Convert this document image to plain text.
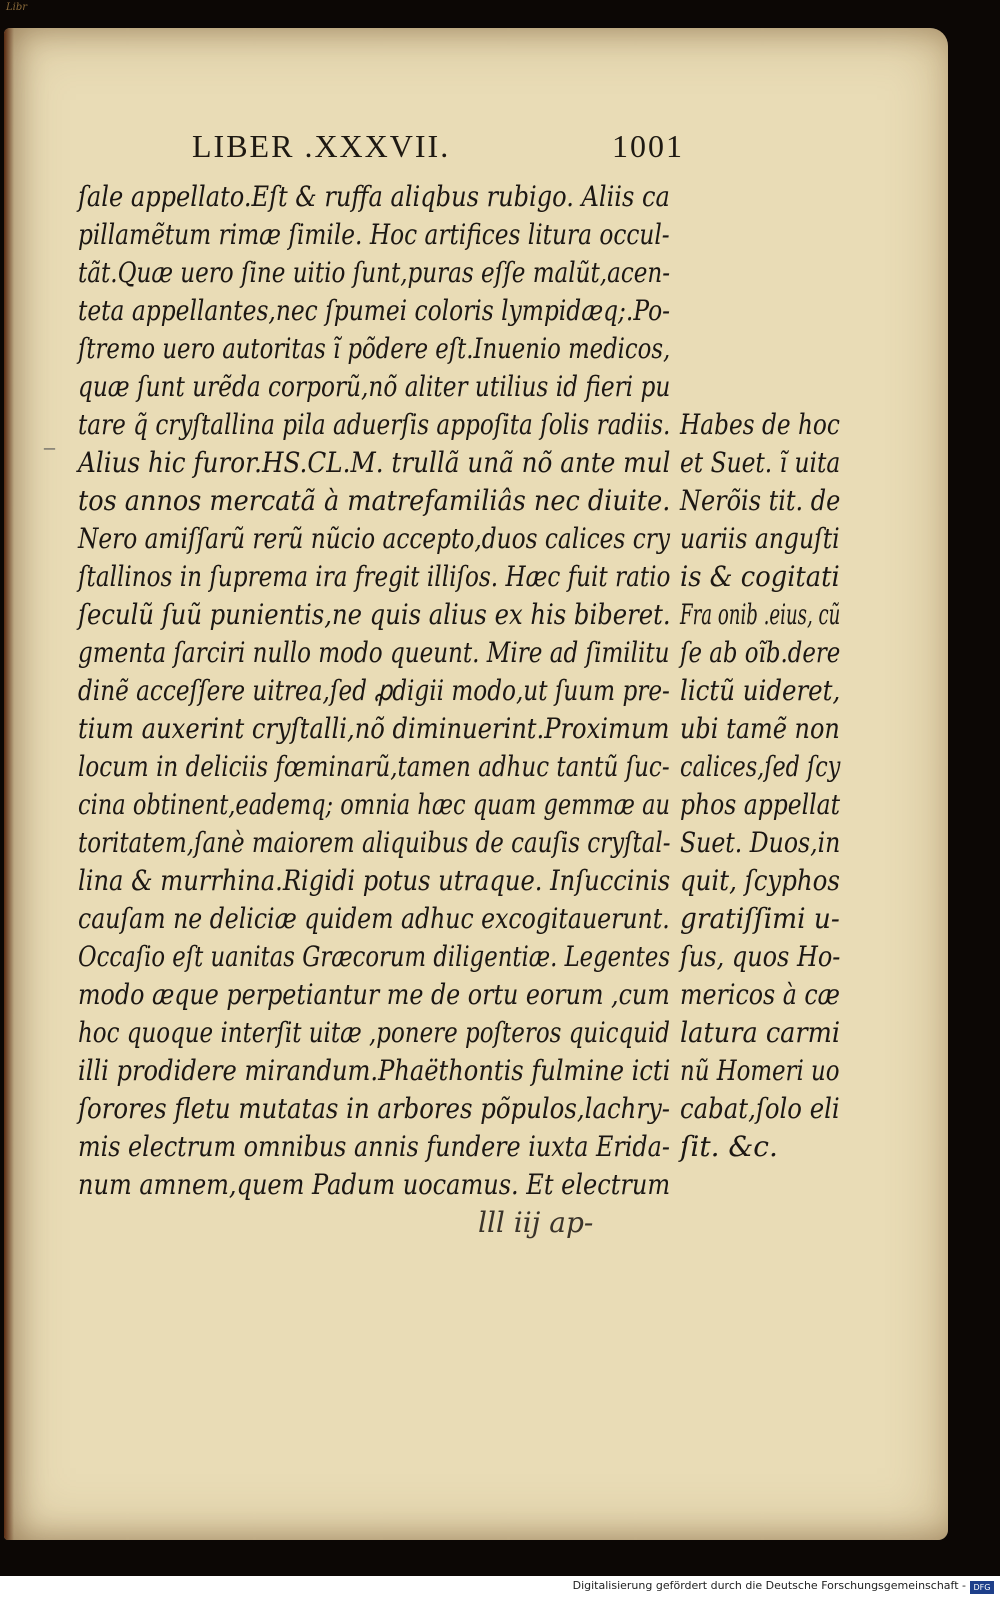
Libr
LIBER .XXXVII.	1001
–
ſale appellato.Eſt & ruffa aliqbus rubigo. Aliis ca
pillamẽtum rimæ ſimile. Hoc artifices litura occul-
tãt.Quæ uero ſine uitio ſunt,puras eſſe malũt,acen-
teta appellantes,nec ſpumei coloris lympidæq;.Po-
ſtremo uero autoritas ĩ põdere eſt.Inuenio medicos,
quæ ſunt urẽda corporũ,nõ aliter utilius id fieri pu
tare q̃ cryſtallina pila aduerſis appoſita ſolis radiis.
Alius hic furor.HS.CL.M. trullã unã nõ ante mul
tos annos mercatã à matrefamiliâs nec diuite.
Nero amiſſarũ rerũ nũcio accepto,duos calices cry
ſtallinos in ſuprema ira fregit illiſos. Hæc fuit ratio
ſeculũ ſuũ punientis,ne quis alius ex his biberet.
gmenta ſarciri nullo modo queunt. Mire ad ſimilitu
dinẽ acceſſere uitrea,ſed ꝓdigii modo,ut ſuum pre-
tium auxerint cryſtalli,nõ diminuerint.Proximum
locum in deliciis fœminarũ,tamen adhuc tantũ ſuc-
cina obtinent,eademq; omnia hæc quam gemmæ au
toritatem,ſanè maiorem aliquibus de cauſis cryſtal-
lina & murrhina.Rigidi potus utraque. Inſuccinis
cauſam ne deliciæ quidem adhuc excogitauerunt.
Occaſio eſt uanitas Græcorum diligentiæ. Legentes
modo æque perpetiantur me de ortu eorum ,cum
hoc quoque interſit uitæ ,ponere poſteros quicquid
illi prodidere mirandum.Phaëthontis fulmine icti
ſorores fletu mutatas in arbores põpulos,lachry-
mis electrum omnibus annis fundere iuxta Erida-
num amnem,quem Padum uocamus. Et electrum
Habes de hoc
et Suet. ĩ uita
Nerõis tit. de
uariis anguſti
is & cogitati
Fra onib .eius, cũ
ſe ab oĩb.dere
lictũ uideret,
ubi tamẽ non
calices,ſed ſcy
phos appellat
Suet. Duos,in
quit, ſcyphos
gratiſſimi u-
ſus, quos Ho-
mericos à cæ
latura carmi
nũ Homeri uo
cabat,ſolo eli
ſit. &c.
lll iij ap-
Digitalisierung gefördert durch die Deutsche Forschungsgemeinschaft - DFG
